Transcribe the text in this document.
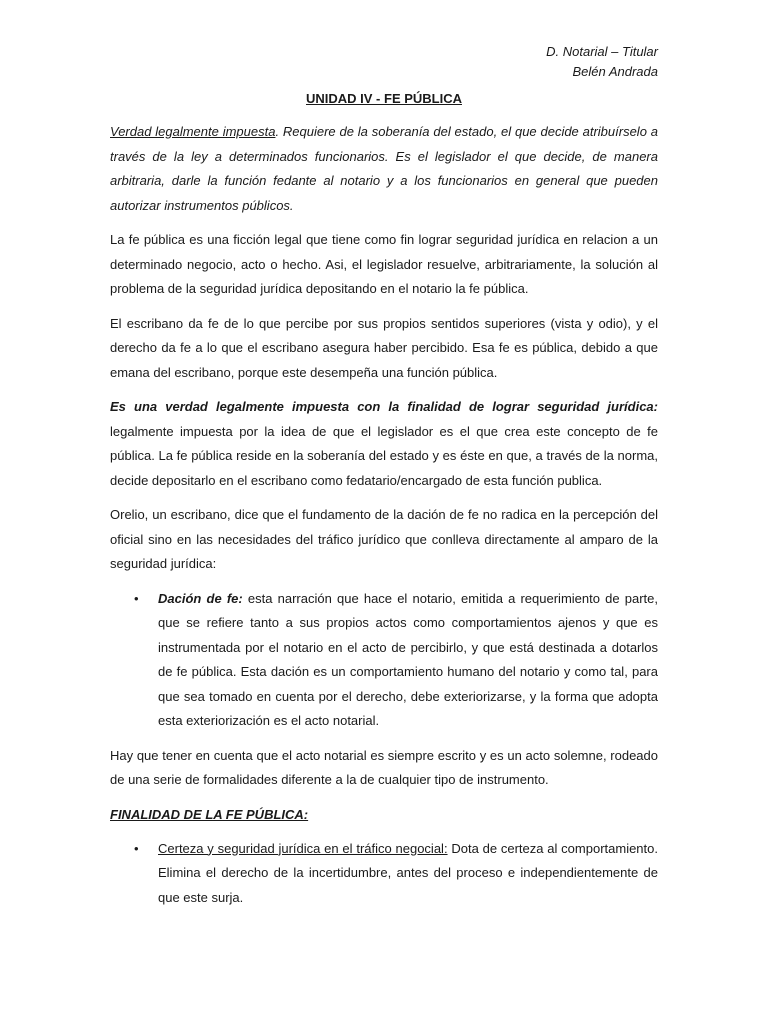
D. Notarial – Titular
Belén Andrada
UNIDAD IV - FE PÚBLICA

Verdad legalmente impuesta. Requiere de la soberanía del estado, el que decide atribuírselo a través de la ley a determinados funcionarios. Es el legislador el que decide, de manera arbitraria, darle la función fedante al notario y a los funcionarios en general que pueden autorizar instrumentos públicos.

La fe pública es una ficción legal que tiene como fin lograr seguridad jurídica en relacion a un determinado negocio, acto o hecho. Asi, el legislador resuelve, arbitrariamente, la solución al problema de la seguridad jurídica depositando en el notario la fe pública.

El escribano da fe de lo que percibe por sus propios sentidos superiores (vista y odio), y el derecho da fe a lo que el escribano asegura haber percibido. Esa fe es pública, debido a que emana del escribano, porque este desempeña una función pública.

Es una verdad legalmente impuesta con la finalidad de lograr seguridad jurídica: legalmente impuesta por la idea de que el legislador es el que crea este concepto de fe pública. La fe pública reside en la soberanía del estado y es éste en que, a través de la norma, decide depositarlo en el escribano como fedatario/encargado de esta función publica.

Orelio, un escribano, dice que el fundamento de la dación de fe no radica en la percepción del oficial sino en las necesidades del tráfico jurídico que conlleva directamente al amparo de la seguridad jurídica:

• Dación de fe: esta narración que hace el notario, emitida a requerimiento de parte, que se refiere tanto a sus propios actos como comportamientos ajenos y que es instrumentada por el notario en el acto de percibirlo, y que está destinada a dotarlos de fe pública. Esta dación es un comportamiento humano del notario y como tal, para que sea tomado en cuenta por el derecho, debe exteriorizarse, y la forma que adopta esta exteriorización es el acto notarial.

Hay que tener en cuenta que el acto notarial es siempre escrito y es un acto solemne, rodeado de una serie de formalidades diferente a la de cualquier tipo de instrumento.

FINALIDAD DE LA FE PÚBLICA:
• Certeza y seguridad jurídica en el tráfico negocial: Dota de certeza al comportamiento. Elimina el derecho de la incertidumbre, antes del proceso e independientemente de que este surja.
